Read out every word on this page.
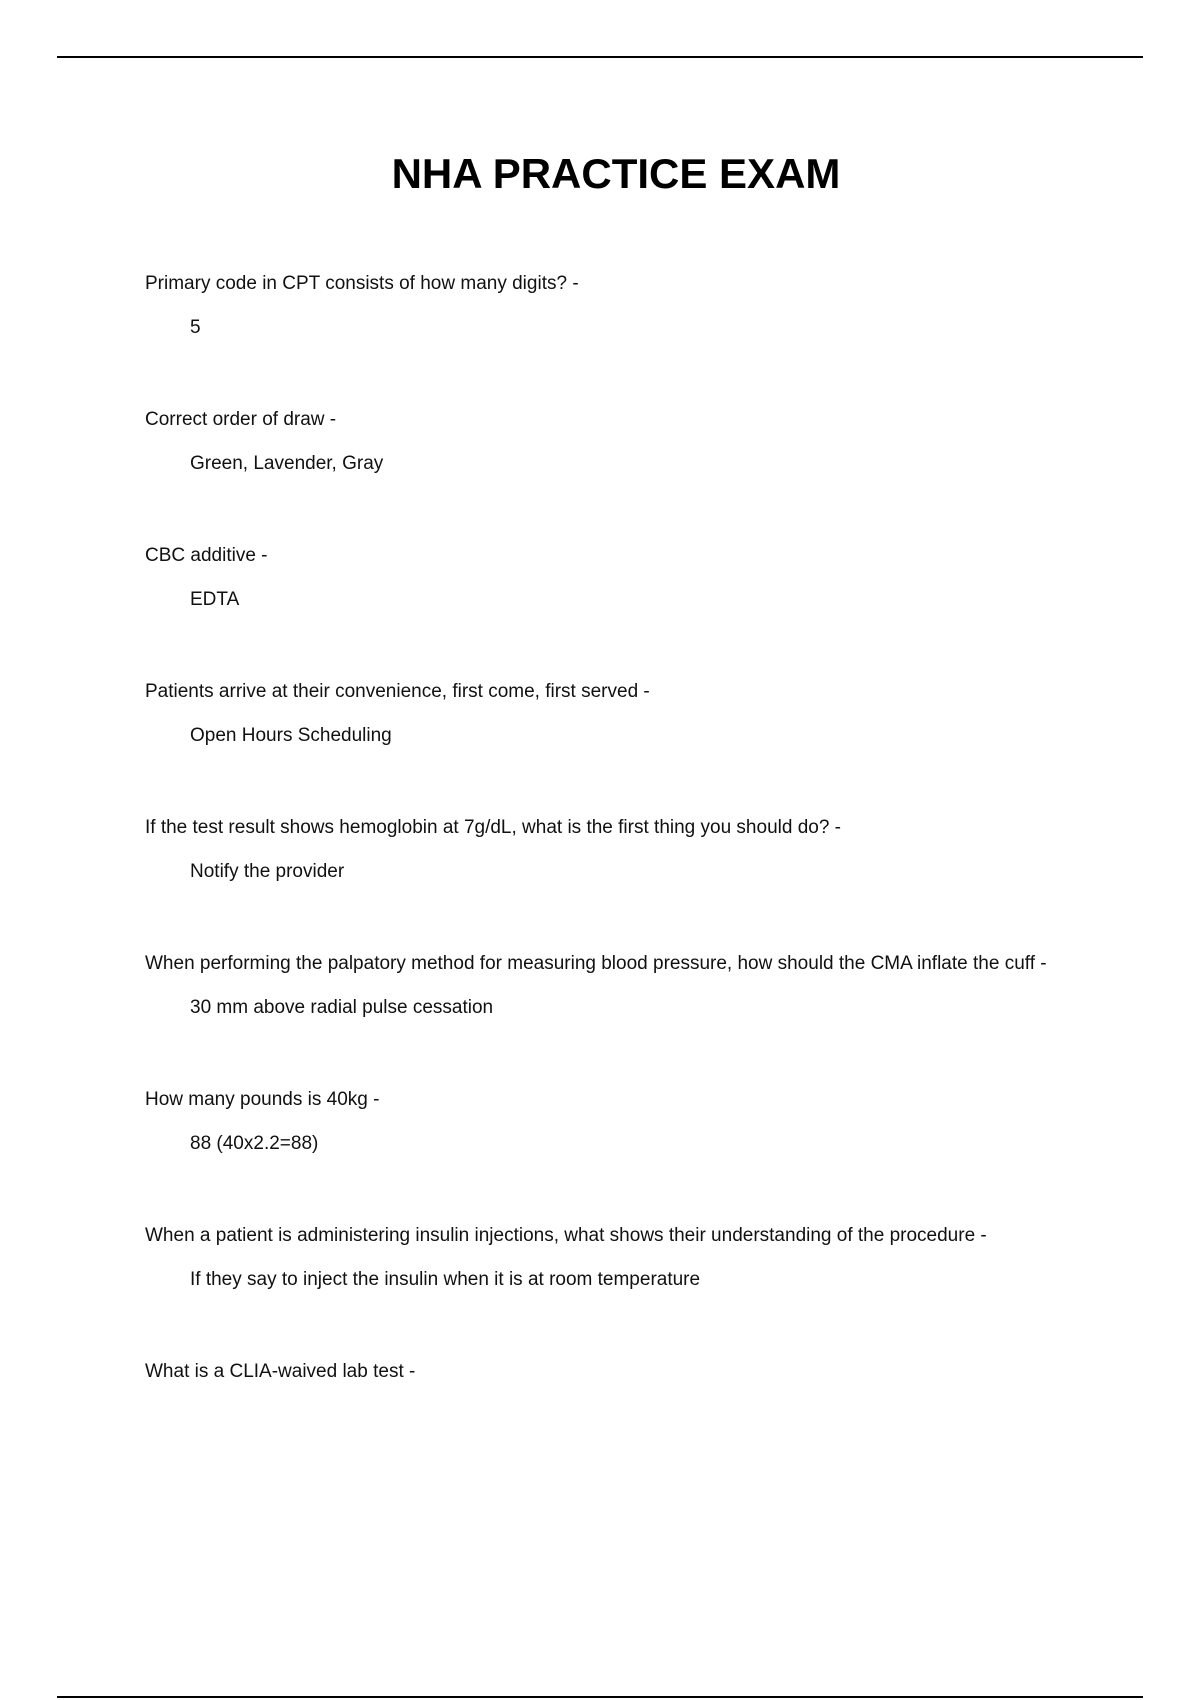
NHA PRACTICE EXAM
Primary code in CPT consists of how many digits? -
5
Correct order of draw -
Green, Lavender, Gray
CBC additive -
EDTA
Patients arrive at their convenience, first come, first served -
Open Hours Scheduling
If the test result shows hemoglobin at 7g/dL, what is the first thing you should do? -
Notify the provider
When performing the palpatory method for measuring blood pressure, how should the CMA inflate the cuff -
30 mm above radial pulse cessation
How many pounds is 40kg -
88 (40x2.2=88)
When a patient is administering insulin injections, what shows their understanding of the procedure -
If they say to inject the insulin when it is at room temperature
What is a CLIA-waived lab test -
